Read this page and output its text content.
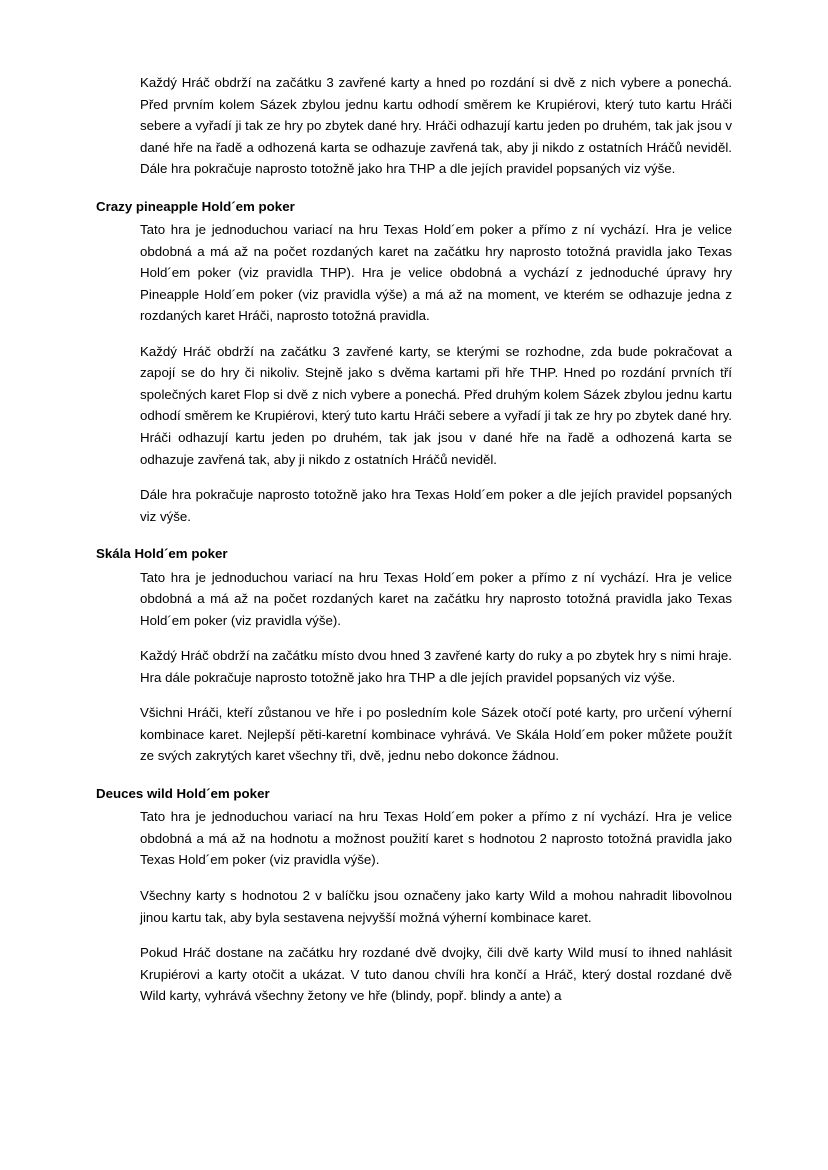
Každý Hráč obdrží na začátku 3 zavřené karty a hned po rozdání si dvě z nich vybere a ponechá. Před prvním kolem Sázek zbylou jednu kartu odhodí směrem ke Krupiérovi, který tuto kartu Hráči sebere a vyřadí ji tak ze hry po zbytek dané hry. Hráči odhazují kartu jeden po druhém, tak jak jsou v dané hře na řadě a odhozená karta se odhazuje zavřená tak, aby ji nikdo z ostatních Hráčů neviděl. Dále hra pokračuje naprosto totožně jako hra THP a dle jejích pravidel popsaných viz výše.

Crazy pineapple Hold´em poker

Tato hra je jednoduchou variací na hru Texas Hold´em poker a přímo z ní vychází. Hra je velice obdobná a má až na počet rozdaných karet na začátku hry naprosto totožná pravidla jako Texas Hold´em poker (viz pravidla THP). Hra je velice obdobná a vychází z jednoduché úpravy hry Pineapple Hold´em poker (viz pravidla výše) a má až na moment, ve kterém se odhazuje jedna z rozdaných karet Hráči, naprosto totožná pravidla.

Každý Hráč obdrží na začátku 3 zavřené karty, se kterými se rozhodne, zda bude pokračovat a zapojí se do hry či nikoliv. Stejně jako s dvěma kartami při hře THP. Hned po rozdání prvních tří společných karet Flop si dvě z nich vybere a ponechá. Před druhým kolem Sázek zbylou jednu kartu odhodí směrem ke Krupiérovi, který tuto kartu Hráči sebere a vyřadí ji tak ze hry po zbytek dané hry. Hráči odhazují kartu jeden po druhém, tak jak jsou v dané hře na řadě a odhozená karta se odhazuje zavřená tak, aby ji nikdo z ostatních Hráčů neviděl.

Dále hra pokračuje naprosto totožně jako hra Texas Hold´em poker a dle jejích pravidel popsaných viz výše.

Skála Hold´em poker

Tato hra je jednoduchou variací na hru Texas Hold´em poker a přímo z ní vychází. Hra je velice obdobná a má až na počet rozdaných karet na začátku hry naprosto totožná pravidla jako Texas Hold´em poker (viz pravidla výše).

Každý Hráč obdrží na začátku místo dvou hned 3 zavřené karty do ruky a po zbytek hry s nimi hraje. Hra dále pokračuje naprosto totožně jako hra THP a dle jejích pravidel popsaných viz výše.

Všichni Hráči, kteří zůstanou ve hře i po posledním kole Sázek otočí poté karty, pro určení výherní kombinace karet. Nejlepší pěti-karetní kombinace vyhrává. Ve Skála Hold´em poker můžete použít ze svých zakrytých karet všechny tři, dvě, jednu nebo dokonce žádnou.

Deuces wild Hold´em poker

Tato hra je jednoduchou variací na hru Texas Hold´em poker a přímo z ní vychází. Hra je velice obdobná a má až na hodnotu a možnost použití karet s hodnotou 2 naprosto totožná pravidla jako Texas Hold´em poker (viz pravidla výše).

Všechny karty s hodnotou 2 v balíčku jsou označeny jako karty Wild a mohou nahradit libovolnou jinou kartu tak, aby byla sestavena nejvyšší možná výherní kombinace karet.

Pokud Hráč dostane na začátku hry rozdané dvě dvojky, čili dvě karty Wild musí to ihned nahlásit Krupiérovi a karty otočit a ukázat. V tuto danou chvíli hra končí a Hráč, který dostal rozdané dvě Wild karty, vyhrává všechny žetony ve hře (blindy, popř. blindy a ante) a
